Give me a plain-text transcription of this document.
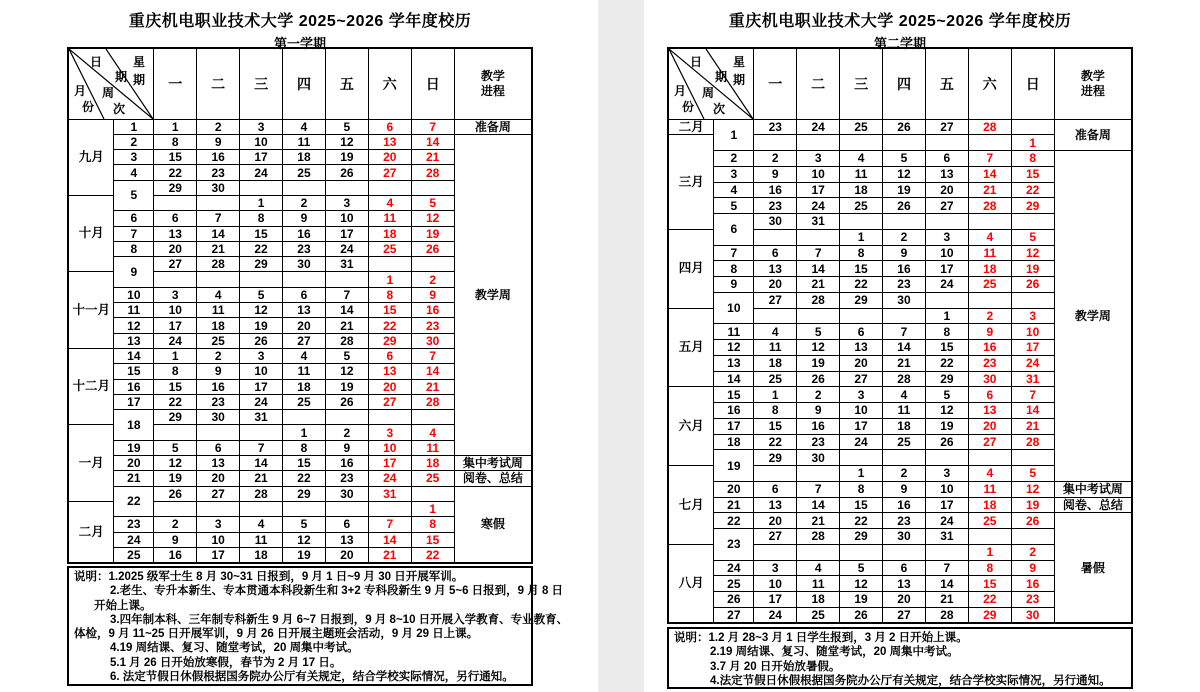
重庆机电职业技术大学 2025~2026 学年度校历
第一学期
日
期
星
期
月
份
周
次
	一	二	三	四	五	六	日	教学
进程

九月	1	1	2	3	4	5	6	7	准备周
	2	8	9	10	11	12	13	14	教学周
	3	15	16	17	18	19	20	21	
	4	22	23	24	25	26	27	28	
	5	29	30						
十月				1	2	3	4	5	
	6	6	7	8	9	10	11	12	
	7	13	14	15	16	17	18	19	
	8	20	21	22	23	24	25	26	
	9	27	28	29	30	31			
十一月							1	2	
	10	3	4	5	6	7	8	9	
	11	10	11	12	13	14	15	16	
	12	17	18	19	20	21	22	23	
	13	24	25	26	27	28	29	30	
十二月	14	1	2	3	4	5	6	7	
	15	8	9	10	11	12	13	14	
	16	15	16	17	18	19	20	21	
	17	22	23	24	25	26	27	28	
	18	29	30	31					
一月					1	2	3	4	
	19	5	6	7	8	9	10	11	
	20	12	13	14	15	16	17	18	集中考试周
	21	19	20	21	22	23	24	25	阅卷、总结
	22	26	27	28	29	30	31		寒假
二月								1	
	23	2	3	4	5	6	7	8	
	24	9	10	11	12	13	14	15	
	25	16	17	18	19	20	21	22	
说明：1.2025 级军士生 8 月 30~31 日报到，9 月 1 日~9 月 30 日开展军训。
2.老生、专升本新生、专本贯通本科段新生和 3+2 专科段新生 9 月 5~6 日报到，9 月 8 日
开始上课。
3.四年制本科、三年制专科新生 9 月 6~7 日报到，9 月 8~10 日开展入学教育、专业教育、
体检，9 月 11~25 日开展军训，9 月 26 日开展主题班会活动，9 月 29 日上课。
4.19 周结课、复习、随堂考试，20 周集中考试。
5.1 月 26 日开始放寒假，春节为 2 月 17 日。
6. 法定节假日休假根据国务院办公厅有关规定，结合学校实际情况，另行通知。
重庆机电职业技术大学 2025~2026 学年度校历
第二学期
日
期
星
期
月
份
周
次
	一	二	三	四	五	六	日	教学
进程

二月	1	23	24	25	26	27	28		准备周
三月								1	
	2	2	3	4	5	6	7	8	教学周
	3	9	10	11	12	13	14	15	
	4	16	17	18	19	20	21	22	
	5	23	24	25	26	27	28	29	
	6	30	31						
四月				1	2	3	4	5	
	7	6	7	8	9	10	11	12	
	8	13	14	15	16	17	18	19	
	9	20	21	22	23	24	25	26	
	10	27	28	29	30				
五月						1	2	3	
	11	4	5	6	7	8	9	10	
	12	11	12	13	14	15	16	17	
	13	18	19	20	21	22	23	24	
	14	25	26	27	28	29	30	31	
六月	15	1	2	3	4	5	6	7	
	16	8	9	10	11	12	13	14	
	17	15	16	17	18	19	20	21	
	18	22	23	24	25	26	27	28	
	19	29	30						
七月				1	2	3	4	5	
	20	6	7	8	9	10	11	12	集中考试周
	21	13	14	15	16	17	18	19	阅卷、总结
	22	20	21	22	23	24	25	26	暑假
	23	27	28	29	30	31			
八月							1	2	
	24	3	4	5	6	7	8	9	
	25	10	11	12	13	14	15	16	
	26	17	18	19	20	21	22	23	
	27	24	25	26	27	28	29	30	
说明：1.2 月 28~3 月 1 日学生报到，3 月 2 日开始上课。
2.19 周结课、复习、随堂考试，20 周集中考试。
3.7 月 20 日开始放暑假。
4.法定节假日休假根据国务院办公厅有关规定，结合学校实际情况，另行通知。
